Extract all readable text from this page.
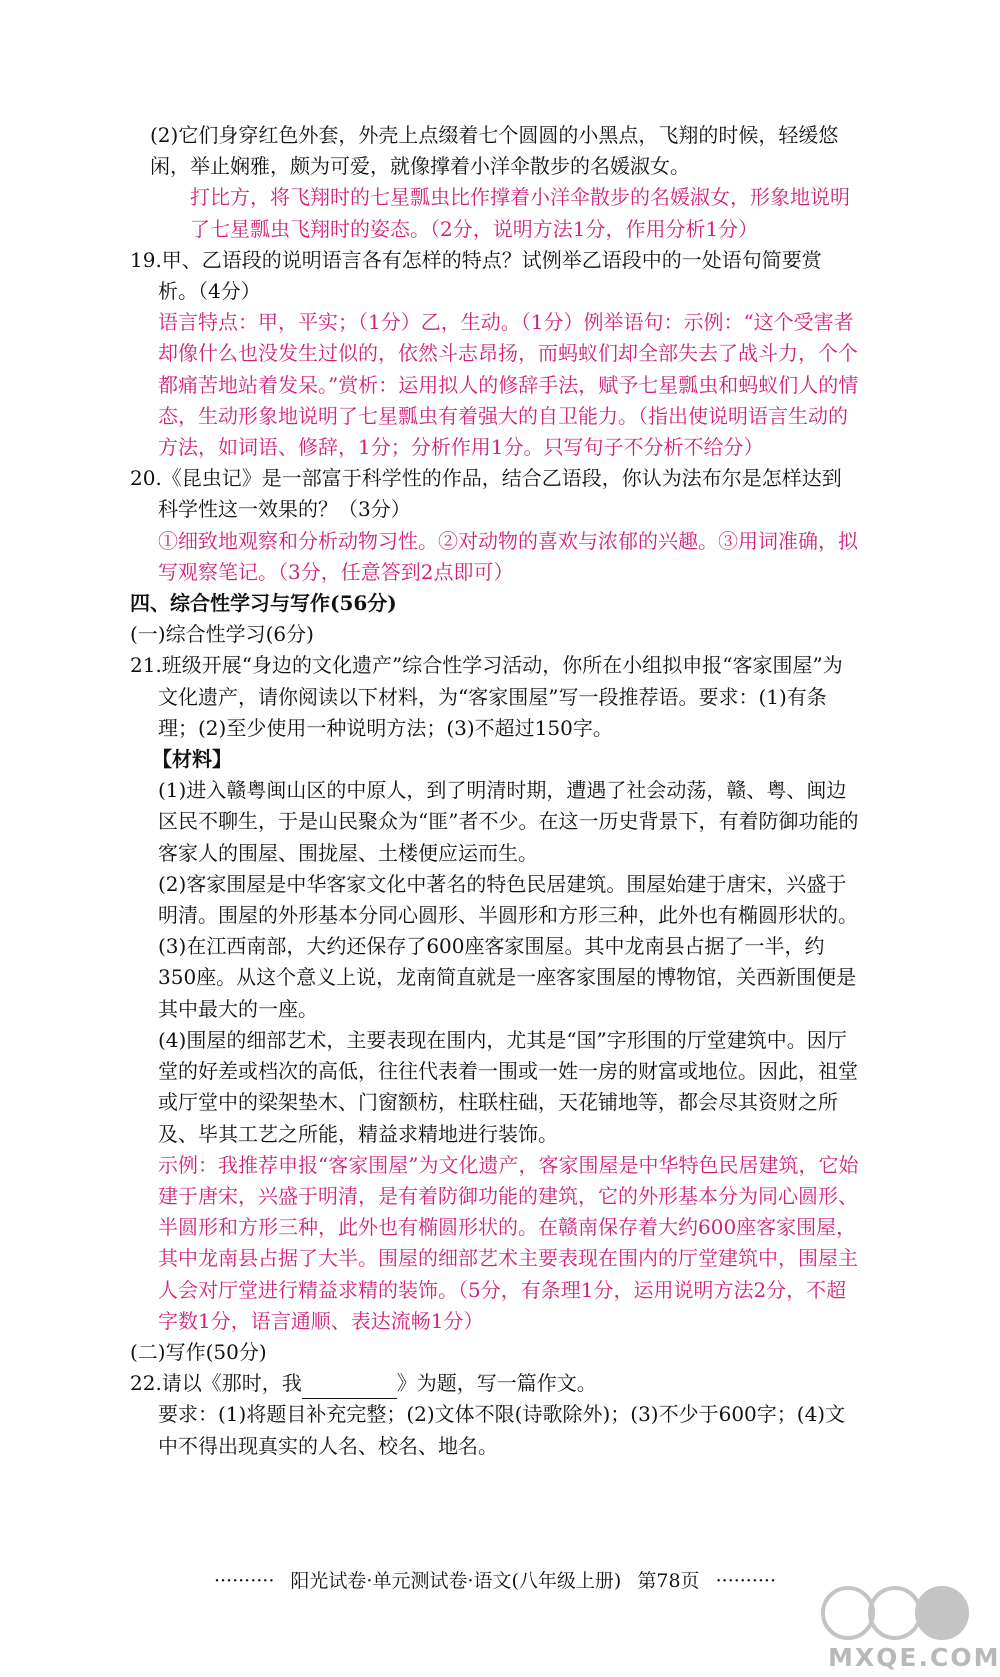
(2)它们身穿红色外套，外壳上点缀着七个圆圆的小黑点，飞翔的时候，轻缓悠闲，举止娴雅，颇为可爱，就像撑着小洋伞散步的名媛淑女。

打比方，将飞翔时的七星瓢虫比作撑着小洋伞散步的名媛淑女，形象地说明了七星瓢虫飞翔时的姿态。（2分，说明方法1分，作用分析1分）

19.甲、乙语段的说明语言各有怎样的特点？试例举乙语段中的一处语句简要赏析。（4分）

语言特点：甲，平实；（1分）乙，生动。（1分）例举语句：示例：“这个受害者却像什么也没发生过似的，依然斗志昂扬，而蚂蚁们却全部失去了战斗力，个个都痛苦地站着发呆。”赏析：运用拟人的修辞手法，赋予七星瓢虫和蚂蚁们人的情态，生动形象地说明了七星瓢虫有着强大的自卫能力。（指出使说明语言生动的方法，如词语、修辞，1分；分析作用1分。只写句子不分析不给分）

20.《昆虫记》是一部富于科学性的作品，结合乙语段，你认为法布尔是怎样达到科学性这一效果的？（3分）

①细致地观察和分析动物习性。②对动物的喜欢与浓郁的兴趣。③用词准确，拟写观察笔记。（3分，任意答到2点即可）

四、综合性学习与写作(56分)

(一)综合性学习(6分)

21.班级开展“身边的文化遗产”综合性学习活动，你所在小组拟申报“客家围屋”为文化遗产，请你阅读以下材料，为“客家围屋”写一段推荐语。要求：(1)有条理；(2)至少使用一种说明方法；(3)不超过150字。

【材料】

(1)进入赣粤闽山区的中原人，到了明清时期，遭遇了社会动荡，赣、粤、闽边区民不聊生，于是山民聚众为“匪”者不少。在这一历史背景下，有着防御功能的客家人的围屋、围拢屋、土楼便应运而生。

(2)客家围屋是中华客家文化中著名的特色民居建筑。围屋始建于唐宋，兴盛于明清。围屋的外形基本分同心圆形、半圆形和方形三种，此外也有椭圆形状的。

(3)在江西南部，大约还保存了600座客家围屋。其中龙南县占据了一半，约350座。从这个意义上说，龙南简直就是一座客家围屋的博物馆，关西新围便是其中最大的一座。

(4)围屋的细部艺术，主要表现在围内，尤其是“国”字形围的厅堂建筑中。因厅堂的好差或档次的高低，往往代表着一围或一姓一房的财富或地位。因此，祖堂或厅堂中的梁架垫木、门窗额枋，柱联柱础，天花铺地等，都会尽其资财之所及、毕其工艺之所能，精益求精地进行装饰。

示例：我推荐申报“客家围屋”为文化遗产，客家围屋是中华特色民居建筑，它始建于唐宋，兴盛于明清，是有着防御功能的建筑，它的外形基本分为同心圆形、半圆形和方形三种，此外也有椭圆形状的。在赣南保存着大约600座客家围屋，其中龙南县占据了大半。围屋的细部艺术主要表现在围内的厅堂建筑中，围屋主人会对厅堂进行精益求精的装饰。（5分，有条理1分，运用说明方法2分，不超字数1分，语言通顺、表达流畅1分）

(二)写作(50分)

22.请以《那时，我	》为题，写一篇作文。

要求：(1)将题目补充完整；(2)文体不限(诗歌除外)；(3)不少于600字；(4)文中不得出现真实的人名、校名、地名。

·········· 阳光试卷·单元测试卷·语文(八年级上册) 第78页 ··········
MXQE.COM
